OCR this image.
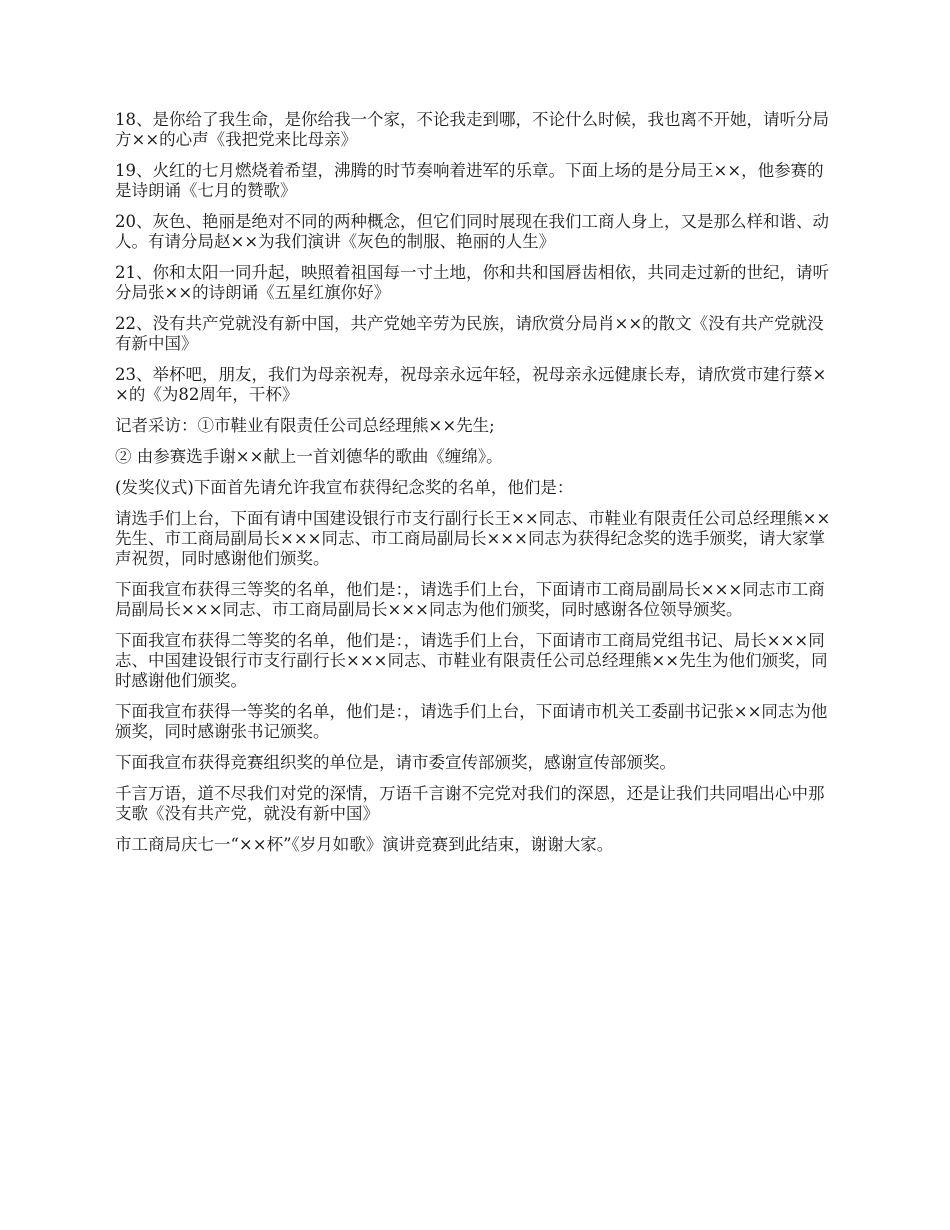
18、是你给了我生命，是你给我一个家，不论我走到哪，不论什么时候，我也离不开她，请听分局方××的心声《我把党来比母亲》

19、火红的七月燃烧着希望，沸腾的时节奏响着进军的乐章。下面上场的是分局王××，他参赛的是诗朗诵《七月的赞歌》

20、灰色、艳丽是绝对不同的两种概念，但它们同时展现在我们工商人身上，又是那么样和谐、动人。有请分局赵××为我们演讲《灰色的制服、艳丽的人生》

21、你和太阳一同升起，映照着祖国每一寸土地，你和共和国唇齿相依，共同走过新的世纪，请听分局张××的诗朗诵《五星红旗你好》

22、没有共产党就没有新中国，共产党她辛劳为民族，请欣赏分局肖××的散文《没有共产党就没有新中国》

23、举杯吧，朋友，我们为母亲祝寿，祝母亲永远年轻，祝母亲永远健康长寿，请欣赏市建行蔡××的《为82周年，干杯》

记者采访：①市鞋业有限责任公司总经理熊××先生;

② 由参赛选手谢××献上一首刘德华的歌曲《缠绵》。

(发奖仪式)下面首先请允许我宣布获得纪念奖的名单，他们是：

请选手们上台，下面有请中国建设银行市支行副行长王××同志、市鞋业有限责任公司总经理熊××先生、市工商局副局长×××同志、市工商局副局长×××同志为获得纪念奖的选手颁奖，请大家掌声祝贺，同时感谢他们颁奖。

下面我宣布获得三等奖的名单，他们是：，请选手们上台，下面请市工商局副局长×××同志市工商局副局长×××同志、市工商局副局长×××同志为他们颁奖，同时感谢各位领导颁奖。

下面我宣布获得二等奖的名单，他们是：，请选手们上台，下面请市工商局党组书记、局长×××同志、中国建设银行市支行副行长×××同志、市鞋业有限责任公司总经理熊××先生为他们颁奖，同时感谢他们颁奖。

下面我宣布获得一等奖的名单，他们是：，请选手们上台，下面请市机关工委副书记张××同志为他颁奖，同时感谢张书记颁奖。

下面我宣布获得竞赛组织奖的单位是，请市委宣传部颁奖，感谢宣传部颁奖。

千言万语，道不尽我们对党的深情，万语千言谢不完党对我们的深恩，还是让我们共同唱出心中那支歌《没有共产党，就没有新中国》

市工商局庆七一“××杯”《岁月如歌》演讲竞赛到此结束，谢谢大家。
